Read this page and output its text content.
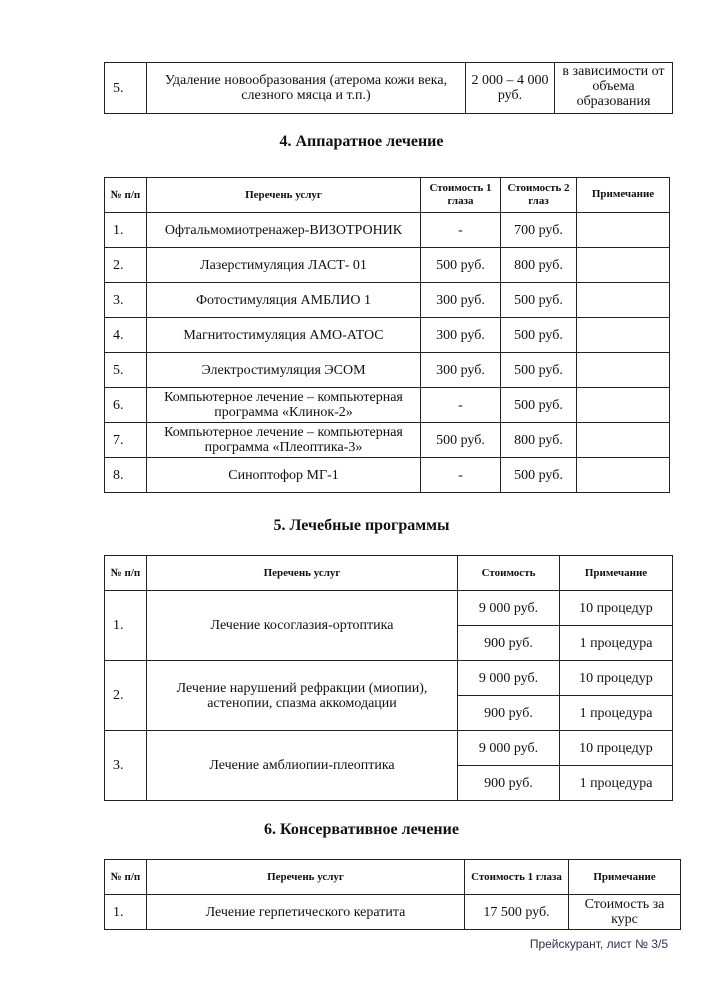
5.	Удаление новообразования (атерома кожи века, слезного мясца и т.п.)	2 000 – 4 000 руб.	в зависимости от объема образования
4. Аппаратное лечение
№ п/п	Перечень услуг	Стоимость 1 глаза	Стоимость 2 глаз	Примечание
1.	Офтальмомиотренажер-ВИЗОТРОНИК	-	700 руб.	
2.	Лазерстимуляция ЛАСТ- 01	500 руб.	800 руб.	
3.	Фотостимуляция АМБЛИО 1	300 руб.	500 руб.	
4.	Магнитостимуляция АМО-АТОС	300 руб.	500 руб.	
5.	Электростимуляция ЭСОМ	300 руб.	500 руб.	
6.	Компьютерное лечение – компьютерная программа «Клинок-2»	-	500 руб.	
7.	Компьютерное лечение – компьютерная программа «Плеоптика-3»	500 руб.	800 руб.	
8.	Синоптофор МГ-1	-	500 руб.	
5. Лечебные программы
№ п/п	Перечень услуг	Стоимость	Примечание
1.	Лечение косоглазия-ортоптика	9 000 руб.	10 процедур
		900 руб.	1 процедура
2.	Лечение нарушений рефракции (миопии), астенопии, спазма аккомодации	9 000 руб.	10 процедур
		900 руб.	1 процедура
3.	Лечение амблиопии-плеоптика	9 000 руб.	10 процедур
		900 руб.	1 процедура
6. Консервативное лечение
№ п/п	Перечень услуг	Стоимость 1 глаза	Примечание
1.	Лечение герпетического кератита	17 500 руб.	Стоимость за курс
Прейскурант, лист № 3/5
